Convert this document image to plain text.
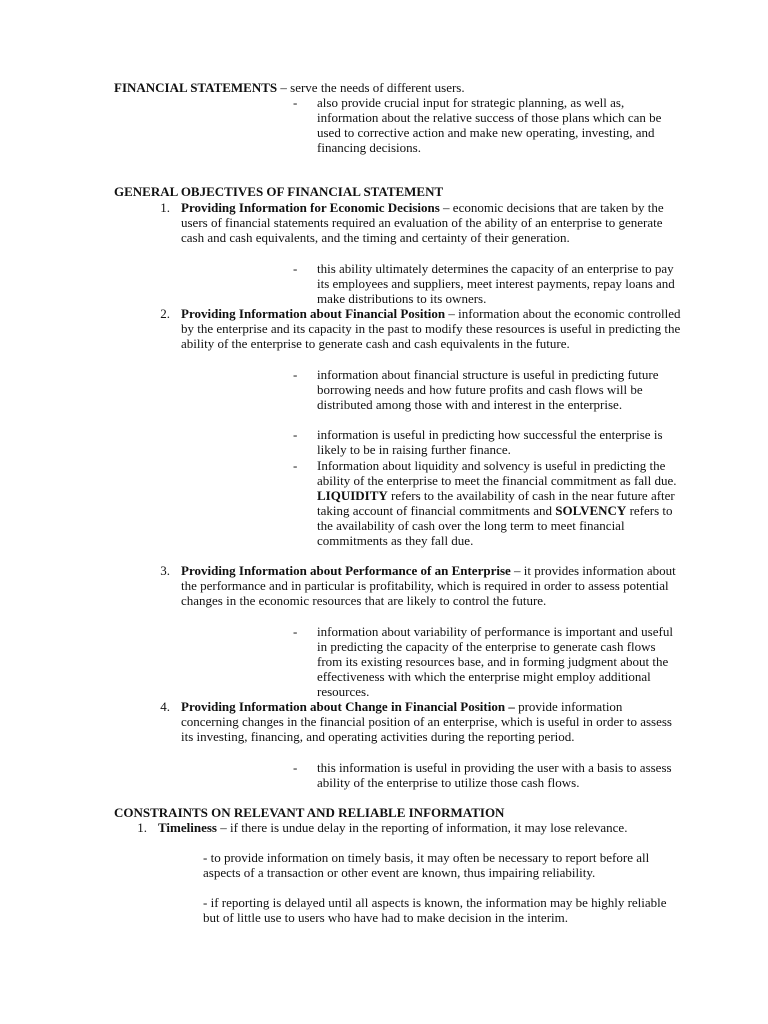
FINANCIAL STATEMENTS – serve the needs of different users.

-	also provide crucial input for strategic planning, as well as, information about the relative success of those plans which can be used to corrective action and make new operating, investing, and financing decisions.

GENERAL OBJECTIVES OF FINANCIAL STATEMENT

1. Providing Information for Economic Decisions – economic decisions that are taken by the users of financial statements required an evaluation of the ability of an enterprise to generate cash and cash equivalents, and the timing and certainty of their generation.
-	this ability ultimately determines the capacity of an enterprise to pay its employees and suppliers, meet interest payments, repay loans and make distributions to its owners.
2. Providing Information about Financial Position – information about the economic controlled by the enterprise and its capacity in the past to modify these resources is useful in predicting the ability of the enterprise to generate cash and cash equivalents in the future.
-	information about financial structure is useful in predicting future borrowing needs and how future profits and cash flows will be distributed among those with and interest in the enterprise.
-	information is useful in predicting how successful the enterprise is likely to be in raising further finance.
-	Information about liquidity and solvency is useful in predicting the ability of the enterprise to meet the financial commitment as fall due. LIQUIDITY refers to the availability of cash in the near future after taking account of financial commitments and SOLVENCY refers to the availability of cash over the long term to meet financial commitments as they fall due.
3. Providing Information about Performance of an Enterprise – it provides information about the performance and in particular is profitability, which is required in order to assess potential changes in the economic resources that are likely to control the future.
-	information about variability of performance is important and useful in predicting the capacity of the enterprise to generate cash flows from its existing resources base, and in forming judgment about the effectiveness with which the enterprise might employ additional resources.
4. Providing Information about Change in Financial Position – provide information concerning changes in the financial position of an enterprise, which is useful in order to assess its investing, financing, and operating activities during the reporting period.
-	this information is useful in providing the user with a basis to assess ability of the enterprise to utilize those cash flows.

CONSTRAINTS ON RELEVANT AND RELIABLE INFORMATION

1. Timeliness – if there is undue delay in the reporting of information, it may lose relevance.

- to provide information on timely basis, it may often be necessary to report before all aspects of a transaction or other event are known, thus impairing reliability.

- if reporting is delayed until all aspects is known, the information may be highly reliable but of little use to users who have had to make decision in the interim.
